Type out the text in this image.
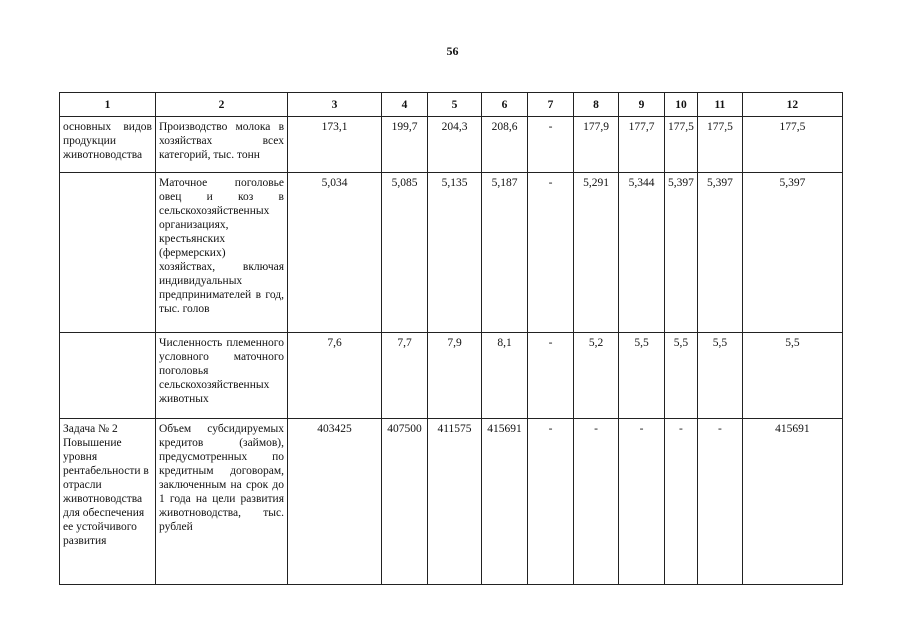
56
1	2	3	4	5	6	7	8	9	10	11	12
основных видов продукции животноводства	Производство молока в хозяйствах всех категорий, тыс. тонн	173,1	199,7	204,3	208,6	-	177,9	177,7	177,5	177,5	177,5
	Маточное поголовье овец и коз в сельскохозяйственных организациях, крестьянских (фермерских) хозяйствах, включая индивидуальных предпринимателей в год, тыс. голов	5,034	5,085	5,135	5,187	-	5,291	5,344	5,397	5,397	5,397
	Численность племенного условного маточного поголовья сельскохозяйственных животных	7,6	7,7	7,9	8,1	-	5,2	5,5	5,5	5,5	5,5
Задача № 2 Повышение уровня рентабельности в отрасли животноводства для обеспечения ее устойчивого развития	Объем субсидируемых кредитов (займов), предусмотренных по кредитным договорам, заключенным на срок до 1 года на цели развития животноводства, тыс. рублей	403425	407500	411575	415691	-	-	-	-	-	415691
